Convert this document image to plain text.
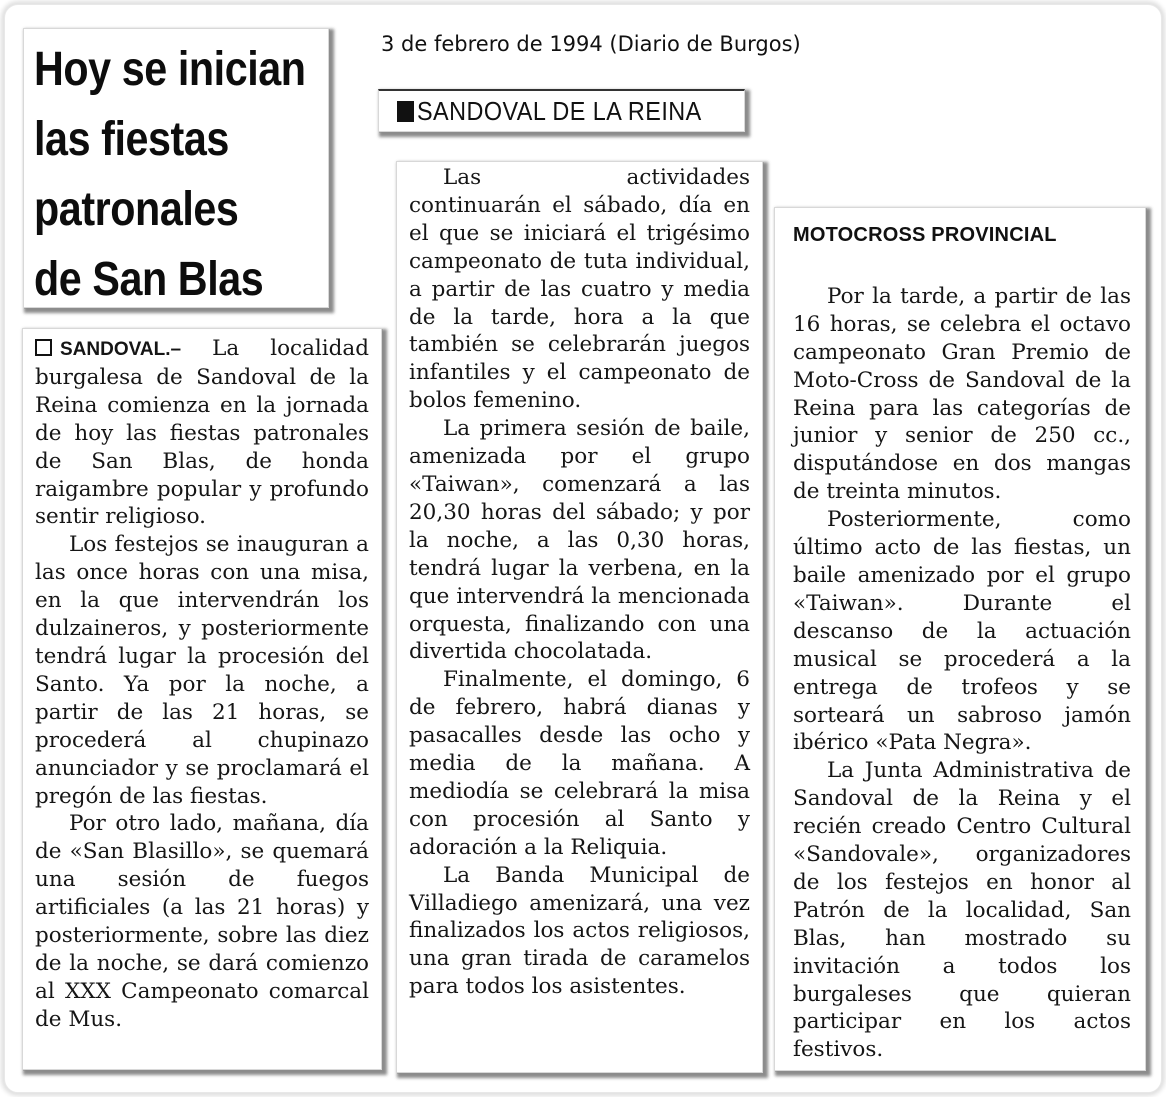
3 de febrero de 1994 (Diario de Burgos)
Hoy se inician
las fiestas
patronales
de San Blas
SANDOVAL DE LA REINA

SANDOVAL.– La localidad burgalesa de Sandoval de la Reina comienza en la jornada de hoy las fiestas patronales de San Blas, de honda raigambre popular y profundo sentir religioso.

Los festejos se inauguran a las once horas con una misa, en la que intervendrán los dulzaineros, y posteriormente tendrá lugar la procesión del Santo. Ya por la noche, a partir de las 21 horas, se procederá al chupinazo anunciador y se proclamará el pregón de las fiestas.

Por otro lado, mañana, día de «San Blasillo», se quemará una sesión de fuegos artificiales (a las 21 horas) y posteriormente, sobre las diez de la noche, se dará comienzo al XXX Campeonato comarcal de Mus.

Las actividades continuarán el sábado, día en el que se iniciará el trigésimo campeonato de tuta individual, a partir de las cuatro y media de la tarde, hora a la que también se celebrarán juegos infantiles y el campeonato de bolos femenino.

La primera sesión de baile, amenizada por el grupo «Taiwan», comenzará a las 20,30 horas del sábado; y por la noche, a las 0,30 horas, tendrá lugar la verbena, en la que intervendrá la mencionada orquesta, finalizando con una divertida chocolatada.

Finalmente, el domingo, 6 de febrero, habrá dianas y pasacalles desde las ocho y media de la mañana. A mediodía se celebrará la misa con procesión al Santo y adoración a la Reliquia.

La Banda Municipal de Villadiego amenizará, una vez finalizados los actos religiosos, una gran tirada de caramelos para todos los asistentes.

MOTOCROSS PROVINCIAL

Por la tarde, a partir de las 16 horas, se celebra el octavo campeonato Gran Premio de Moto-Cross de Sandoval de la Reina para las categorías de junior y senior de 250 cc., disputándose en dos mangas de treinta minutos.

Posteriormente, como último acto de las fiestas, un baile amenizado por el grupo «Taiwan». Durante el descanso de la actuación musical se procederá a la entrega de trofeos y se sorteará un sabroso jamón ibérico «Pata Negra».

La Junta Administrativa de Sandoval de la Reina y el recién creado Centro Cultural «Sandovale», organizadores de los festejos en honor al Patrón de la localidad, San Blas, han mostrado su invitación a todos los burgaleses que quieran participar en los actos festivos.
